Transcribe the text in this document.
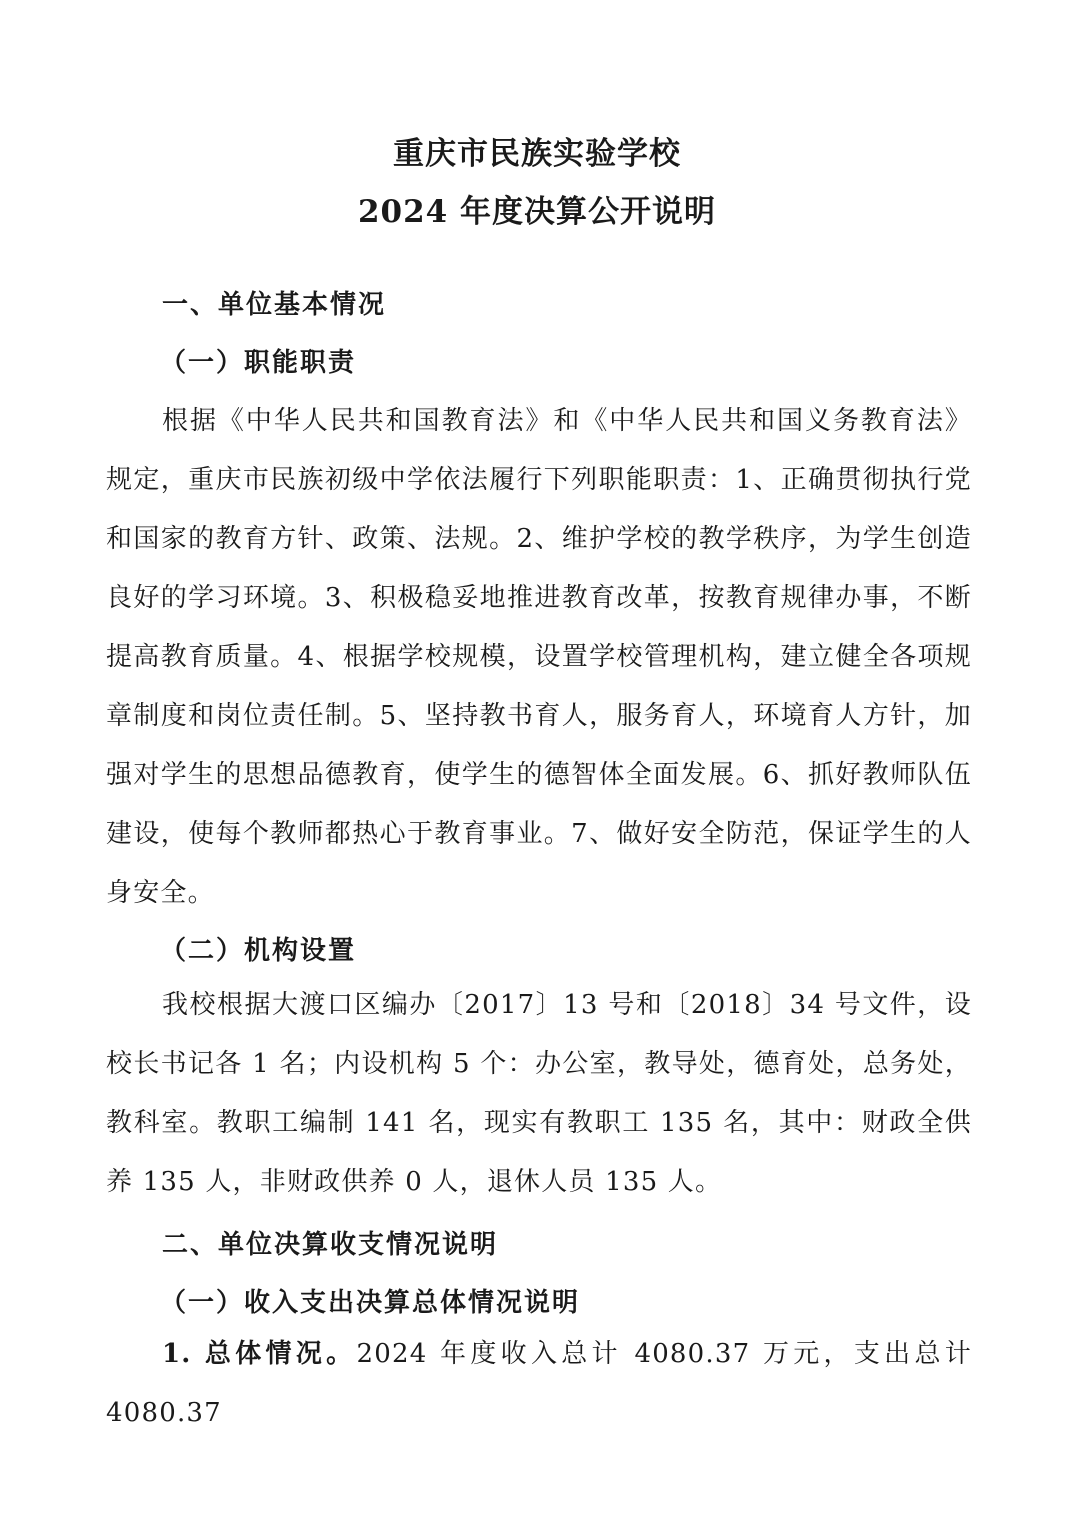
重庆市民族实验学校
2024 年度决算公开说明
一、单位基本情况
（一）职能职责
根据《中华人民共和国教育法》和《中华人民共和国义务教育法》规定，重庆市民族初级中学依法履行下列职能职责：1、正确贯彻执行党和国家的教育方针、政策、法规。2、维护学校的教学秩序，为学生创造良好的学习环境。3、积极稳妥地推进教育改革，按教育规律办事，不断提高教育质量。4、根据学校规模，设置学校管理机构，建立健全各项规章制度和岗位责任制。5、坚持教书育人，服务育人，环境育人方针，加强对学生的思想品德教育，使学生的德智体全面发展。6、抓好教师队伍建设，使每个教师都热心于教育事业。7、做好安全防范，保证学生的人身安全。
（二）机构设置
我校根据大渡口区编办〔2017〕13 号和〔2018〕34 号文件，设校长书记各 1 名；内设机构 5 个：办公室，教导处，德育处，总务处，教科室。教职工编制 141 名，现实有教职工 135 名，其中：财政全供养 135 人，非财政供养 0 人，退休人员 135 人。
二、单位决算收支情况说明
（一）收入支出决算总体情况说明
1. 总体情况。2024 年度收入总计 4080.37 万元，支出总计 4080.37
